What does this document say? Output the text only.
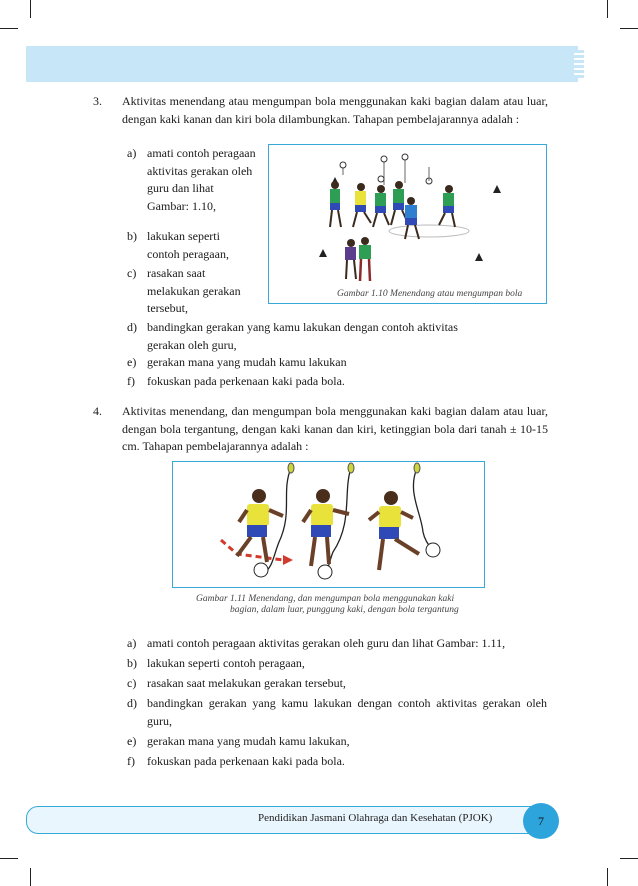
3. Aktivitas menendang atau mengumpan bola menggunakan kaki bagian dalam atau luar, dengan kaki kanan dan kiri bola dilambungkan. Tahapan pembelajarannya adalah :
a) amati contoh peragaan aktivitas gerakan oleh guru dan lihat Gambar: 1.10,
b) lakukan seperti contoh peragaan,
c) rasakan saat melakukan gerakan tersebut,
d) bandingkan gerakan yang kamu lakukan dengan contoh aktivitas gerakan oleh guru,
e) gerakan mana yang mudah kamu lakukan
f) fokuskan pada perkenaan kaki pada bola.
Gambar 1.10 Menendang atau mengumpan bola
4. Aktivitas menendang, dan mengumpan bola menggunakan kaki bagian dalam atau luar, dengan bola tergantung, dengan kaki kanan dan kiri, ketinggian bola dari tanah ± 10-15 cm. Tahapan pembelajarannya adalah :
Gambar 1.11 Menendang, dan mengumpan bola menggunakan kaki
bagian, dalam luar, punggung kaki, dengan bola tergantung
a) amati contoh peragaan aktivitas gerakan oleh guru dan lihat Gambar: 1.11,
b) lakukan seperti contoh peragaan,
c) rasakan saat melakukan gerakan tersebut,
d) bandingkan gerakan yang kamu lakukan dengan contoh aktivitas gerakan oleh guru,
e) gerakan mana yang mudah kamu lakukan,
f) fokuskan pada perkenaan kaki pada bola.
Pendidikan Jasmani Olahraga dan Kesehatan (PJOK)	7
